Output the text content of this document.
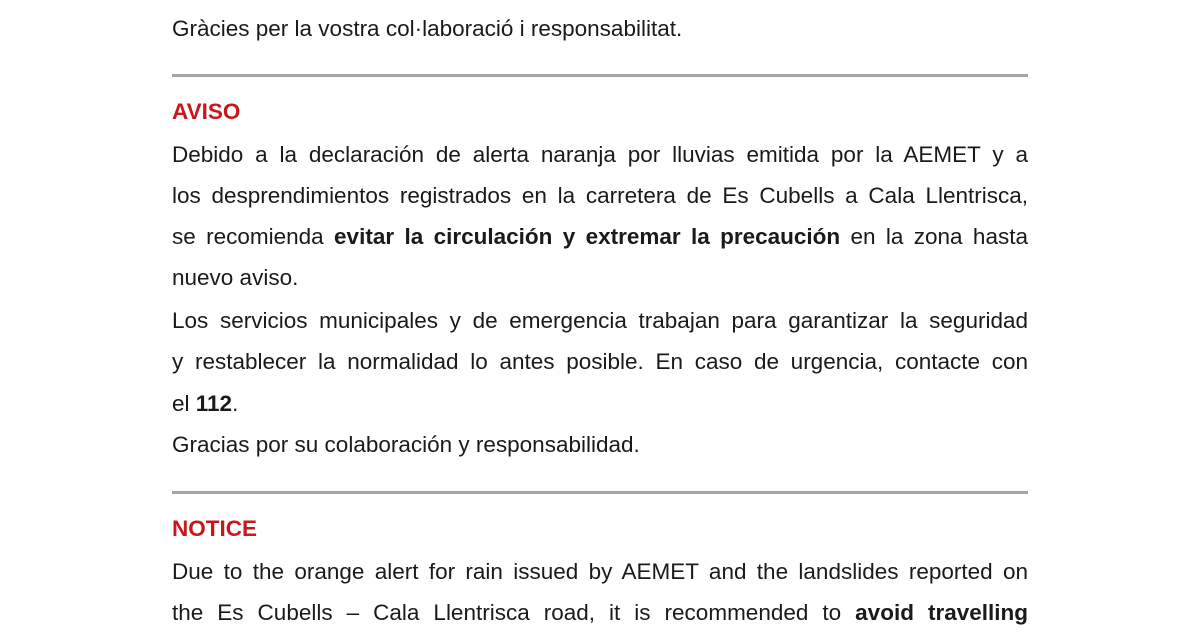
Gràcies per la vostra col·laboració i responsabilitat.
AVISO
Debido a la declaración de alerta naranja por lluvias emitida por la AEMET y a
los desprendimientos registrados en la carretera de Es Cubells a Cala Llentrisca,
se recomienda evitar la circulación y extremar la precaución en la zona hasta
nuevo aviso.
Los servicios municipales y de emergencia trabajan para garantizar la seguridad
y restablecer la normalidad lo antes posible. En caso de urgencia, contacte con
el 112.
Gracias por su colaboración y responsabilidad.
NOTICE
Due to the orange alert for rain issued by AEMET and the landslides reported on
the Es Cubells – Cala Llentrisca road, it is recommended to avoid travelling
